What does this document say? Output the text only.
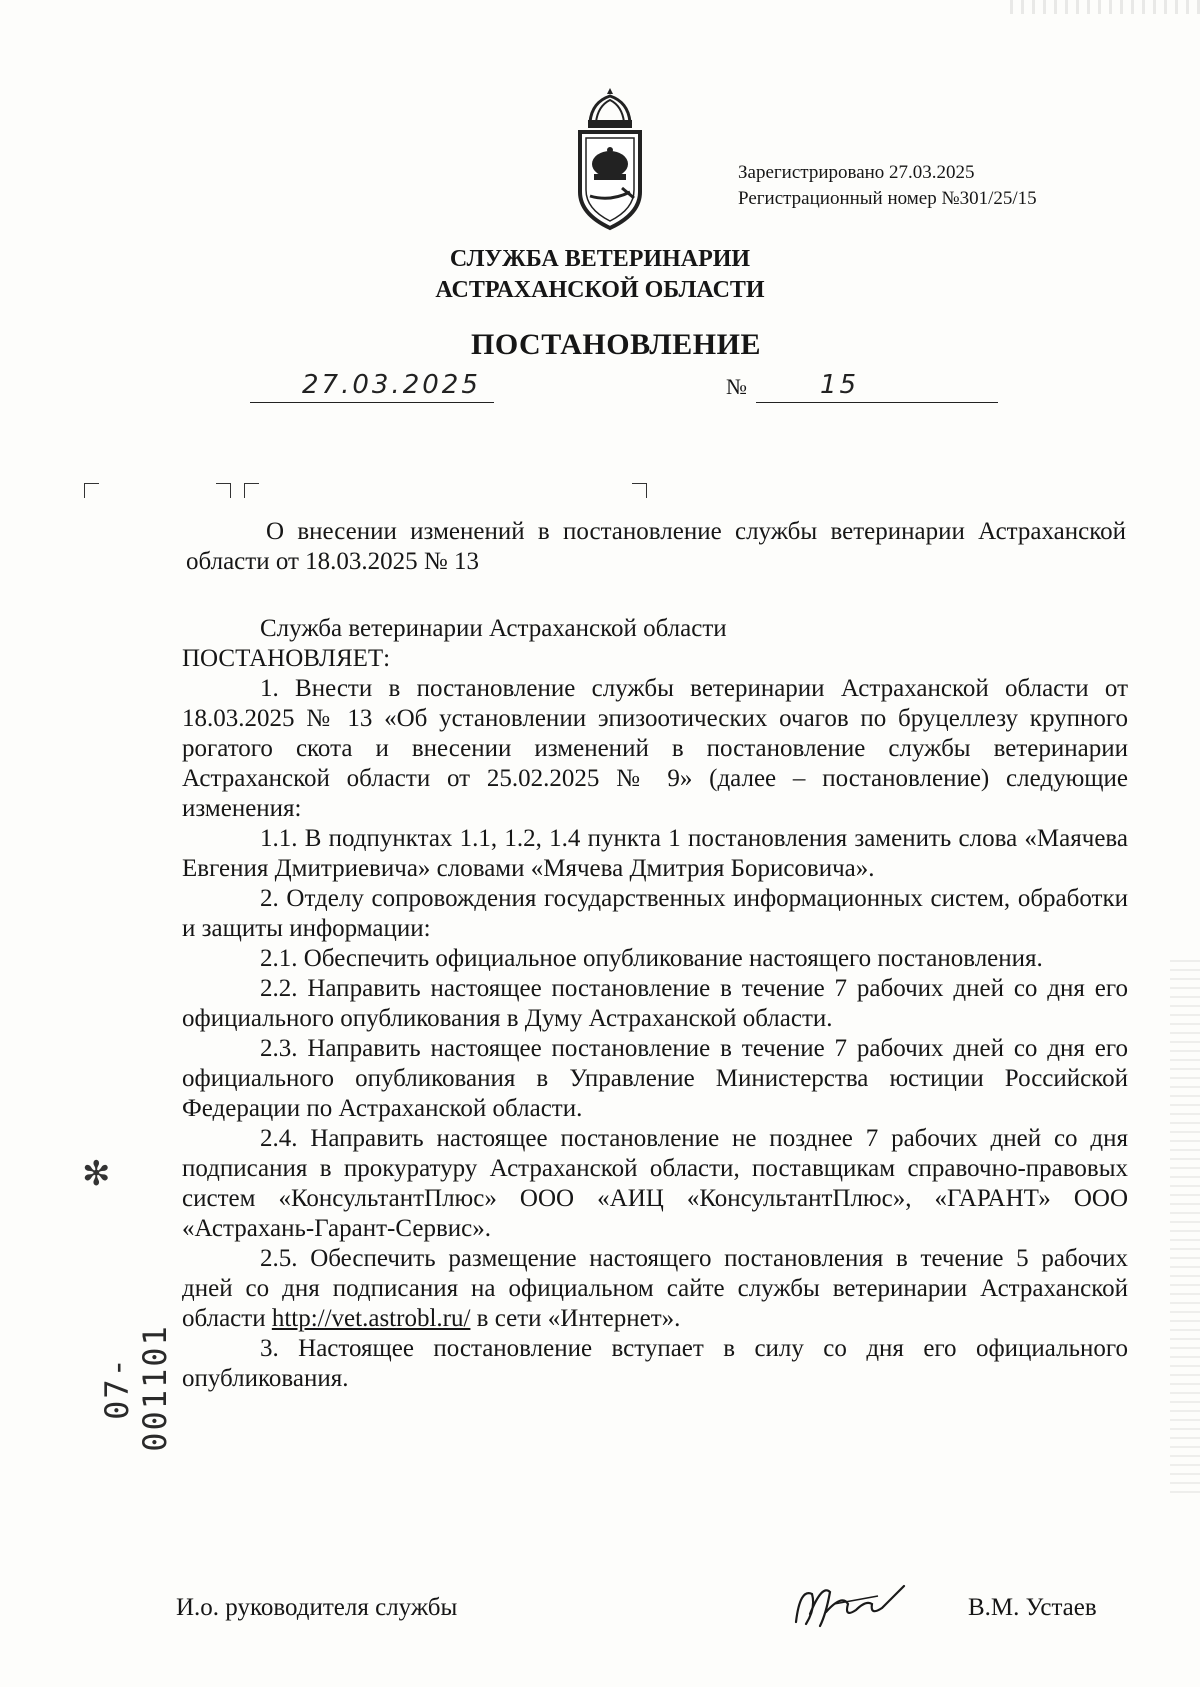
Зарегистрировано 27.03.2025
Регистрационный номер №301/25/15
СЛУЖБА ВЕТЕРИНАРИИ
АСТРАХАНСКОЙ ОБЛАСТИ
ПОСТАНОВЛЕНИЕ
27.03.2025	№	15
О внесении изменений в постановление службы ветеринарии Астраханской области от 18.03.2025 № 13

Служба ветеринарии Астраханской области

ПОСТАНОВЛЯЕТ:

1. Внести в постановление службы ветеринарии Астраханской области от 18.03.2025 № 13 «Об установлении эпизоотических очагов по бруцеллезу крупного рогатого скота и внесении изменений в постановление службы ветеринарии Астраханской области от 25.02.2025 № 9» (далее – постановление) следующие изменения:

1.1. В подпунктах 1.1, 1.2, 1.4 пункта 1 постановления заменить слова «Маячева Евгения Дмитриевича» словами «Мячева Дмитрия Борисовича».

2. Отделу сопровождения государственных информационных систем, обработки и защиты информации:

2.1. Обеспечить официальное опубликование настоящего постановления.

2.2. Направить настоящее постановление в течение 7 рабочих дней со дня его официального опубликования в Думу Астраханской области.

2.3. Направить настоящее постановление в течение 7 рабочих дней со дня его официального опубликования в Управление Министерства юстиции Российской Федерации по Астраханской области.

2.4. Направить настоящее постановление не позднее 7 рабочих дней со дня подписания в прокуратуру Астраханской области, поставщикам справочно-правовых систем «КонсультантПлюс» ООО «АИЦ «КонсультантПлюс», «ГАРАНТ» ООО «Астрахань-Гарант-Сервис».

2.5. Обеспечить размещение настоящего постановления в течение 5 рабочих дней со дня подписания на официальном сайте службы ветеринарии Астраханской области http://vet.astrobl.ru/ в сети «Интернет».

3. Настоящее постановление вступает в силу со дня его официального опубликования.

И.о. руководителя службы	В.М. Устаев
✻
07- 001101
